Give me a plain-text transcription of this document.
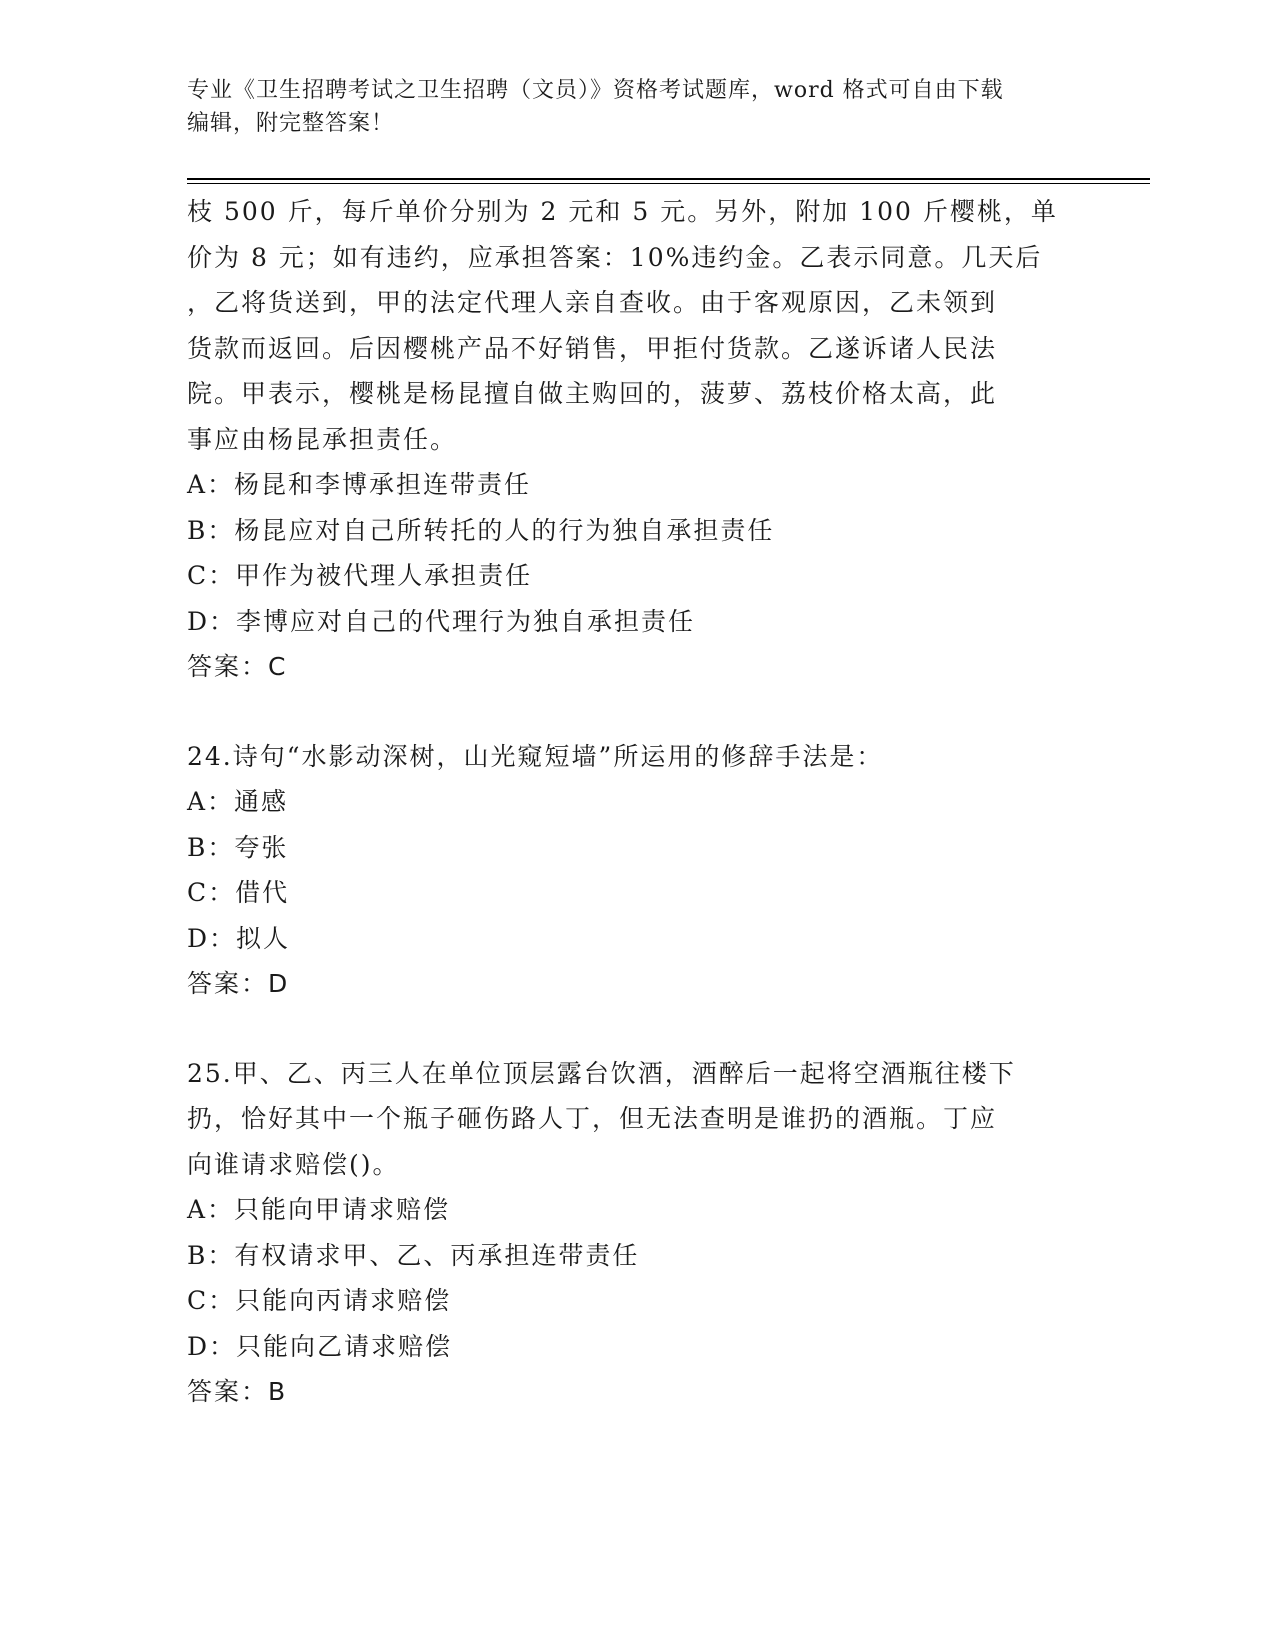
专业《卫生招聘考试之卫生招聘（文员）》资格考试题库，word 格式可自由下载
编辑，附完整答案！
枝 500 斤，每斤单价分别为 2 元和 5 元。另外，附加 100 斤樱桃，单
价为 8 元；如有违约，应承担答案：10%违约金。乙表示同意。几天后
，乙将货送到，甲的法定代理人亲自查收。由于客观原因，乙未领到
货款而返回。后因樱桃产品不好销售，甲拒付货款。乙遂诉诸人民法
院。甲表示，樱桃是杨昆擅自做主购回的，菠萝、荔枝价格太高，此
事应由杨昆承担责任。
A：杨昆和李博承担连带责任
B：杨昆应对自己所转托的人的行为独自承担责任
C：甲作为被代理人承担责任
D：李博应对自己的代理行为独自承担责任
答案：C
24.诗句“水影动深树，山光窥短墙”所运用的修辞手法是：
A：通感
B：夸张
C：借代
D：拟人
答案：D
25.甲、乙、丙三人在单位顶层露台饮酒，酒醉后一起将空酒瓶往楼下
扔，恰好其中一个瓶子砸伤路人丁，但无法查明是谁扔的酒瓶。丁应
向谁请求赔偿()。
A：只能向甲请求赔偿
B：有权请求甲、乙、丙承担连带责任
C：只能向丙请求赔偿
D：只能向乙请求赔偿
答案：B
